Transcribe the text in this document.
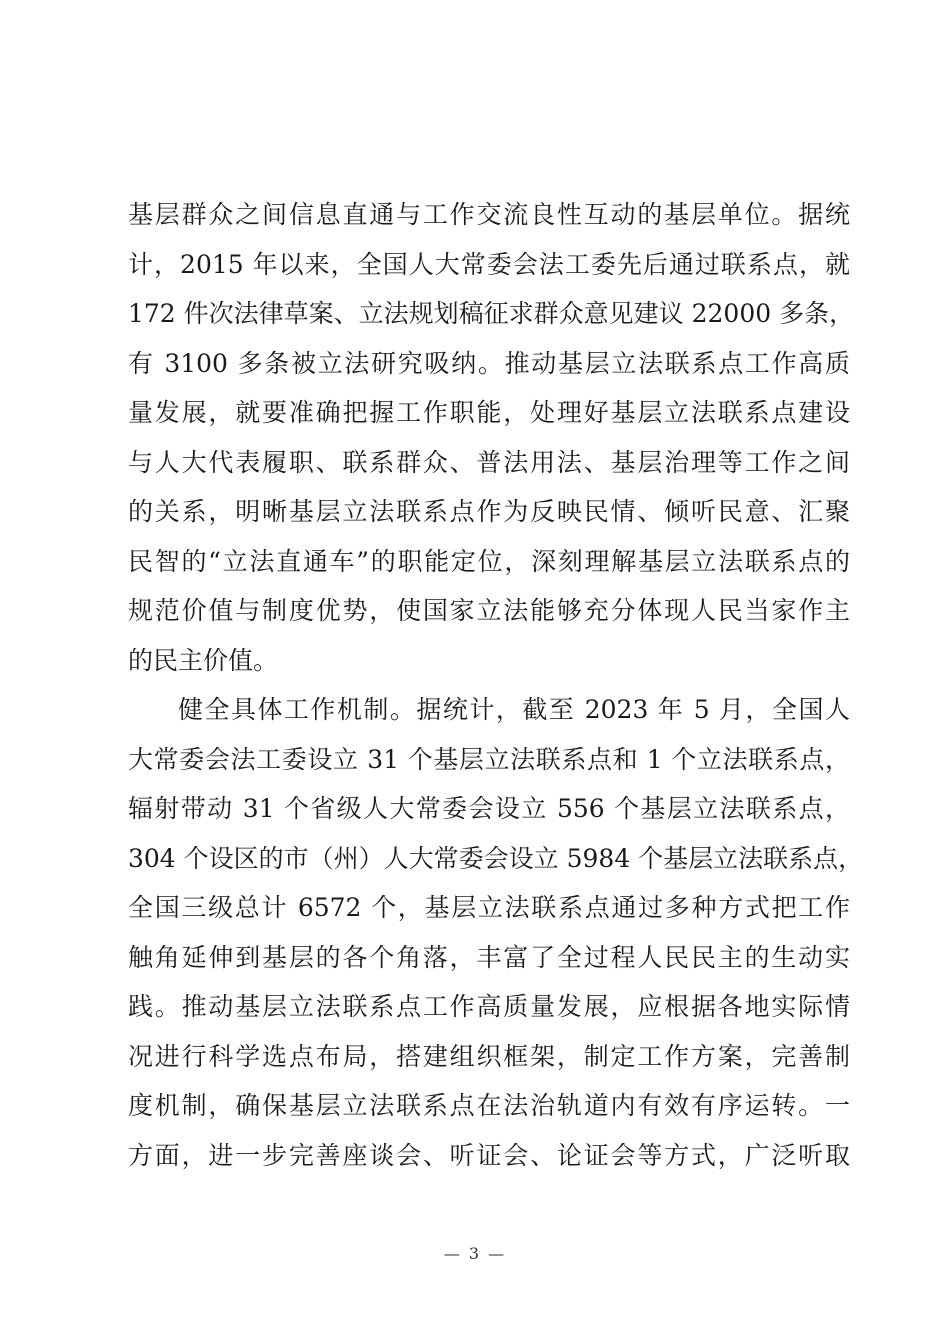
基层群众之间信息直通与工作交流良性互动的基层单位。据统
计，2015 年以来，全国人大常委会法工委先后通过联系点，就
172 件次法律草案、立法规划稿征求群众意见建议 22000 多条，
有 3100 多条被立法研究吸纳。推动基层立法联系点工作高质
量发展，就要准确把握工作职能，处理好基层立法联系点建设
与人大代表履职、联系群众、普法用法、基层治理等工作之间
的关系，明晰基层立法联系点作为反映民情、倾听民意、汇聚
民智的“立法直通车”的职能定位，深刻理解基层立法联系点的
规范价值与制度优势，使国家立法能够充分体现人民当家作主
的民主价值。
健全具体工作机制。据统计，截至 2023 年 5 月，全国人
大常委会法工委设立 31 个基层立法联系点和 1 个立法联系点，
辐射带动 31 个省级人大常委会设立 556 个基层立法联系点，
304 个设区的市（州）人大常委会设立 5984 个基层立法联系点，
全国三级总计 6572 个，基层立法联系点通过多种方式把工作
触角延伸到基层的各个角落，丰富了全过程人民民主的生动实
践。推动基层立法联系点工作高质量发展，应根据各地实际情
况进行科学选点布局，搭建组织框架，制定工作方案，完善制
度机制，确保基层立法联系点在法治轨道内有效有序运转。一
方面，进一步完善座谈会、听证会、论证会等方式，广泛听取
— 3 —
